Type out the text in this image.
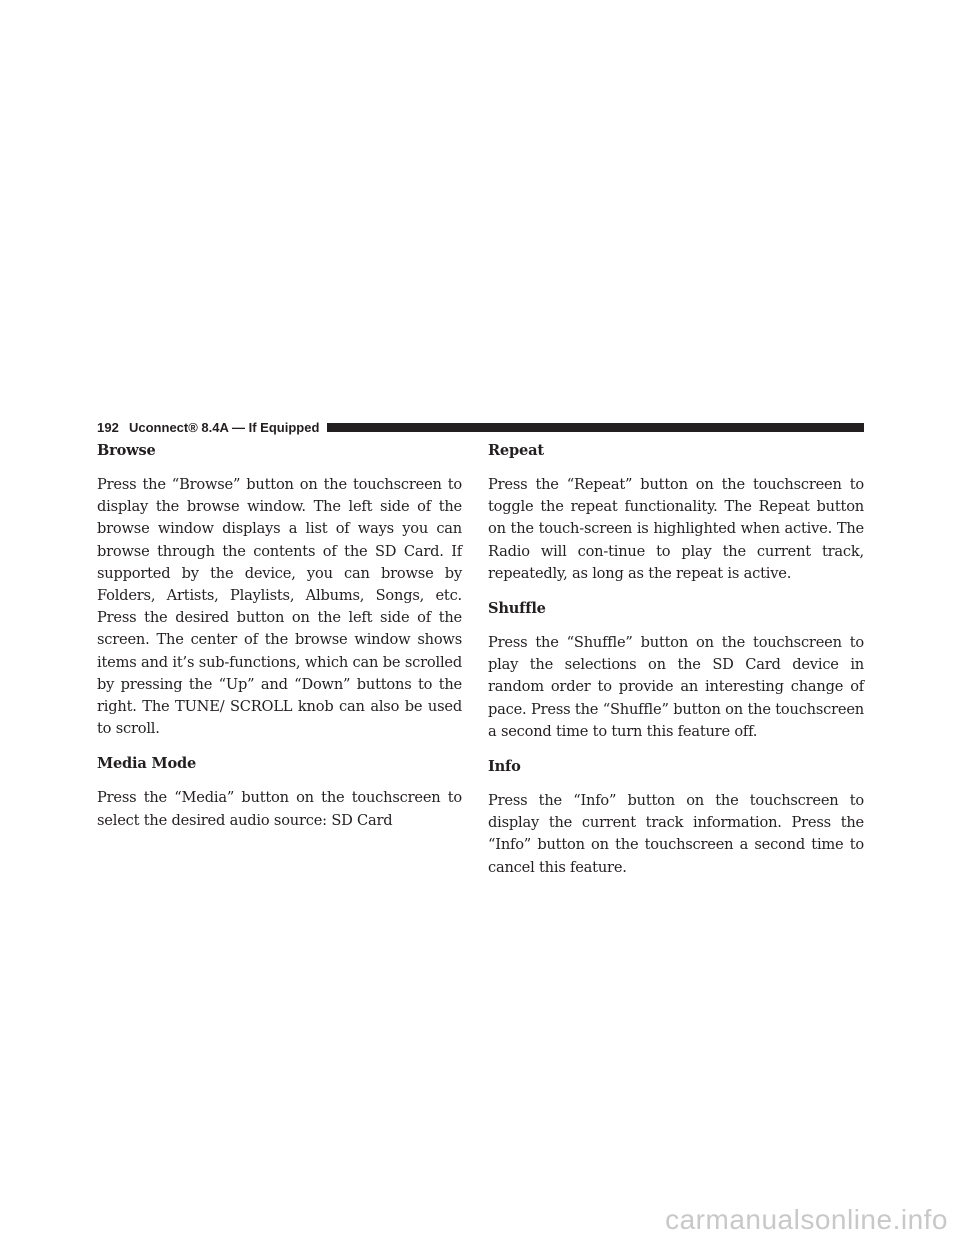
192 Uconnect® 8.4A — If Equipped
Browse

Press the “Browse” button on the touchscreen to display the browse window. The left side of the browse window displays a list of ways you can browse through the contents of the SD Card. If supported by the device, you can browse by Folders, Artists, Playlists, Albums, Songs, etc. Press the desired button on the left side of the screen. The center of the browse window shows items and it’s sub-functions, which can be scrolled by pressing the “Up” and “Down” buttons to the right. The TUNE/ SCROLL knob can also be used to scroll.

Media Mode

Press the “Media” button on the touchscreen to select the desired audio source: SD Card

Repeat

Press the “Repeat” button on the touchscreen to toggle the repeat functionality. The Repeat button on the touch-screen is highlighted when active. The Radio will con-tinue to play the current track, repeatedly, as long as the repeat is active.

Shuffle

Press the “Shuffle” button on the touchscreen to play the selections on the SD Card device in random order to provide an interesting change of pace. Press the “Shuffle” button on the touchscreen a second time to turn this feature off.

Info

Press the “Info” button on the touchscreen to display the current track information. Press the “Info” button on the touchscreen a second time to cancel this feature.

carmanualsonline.info
